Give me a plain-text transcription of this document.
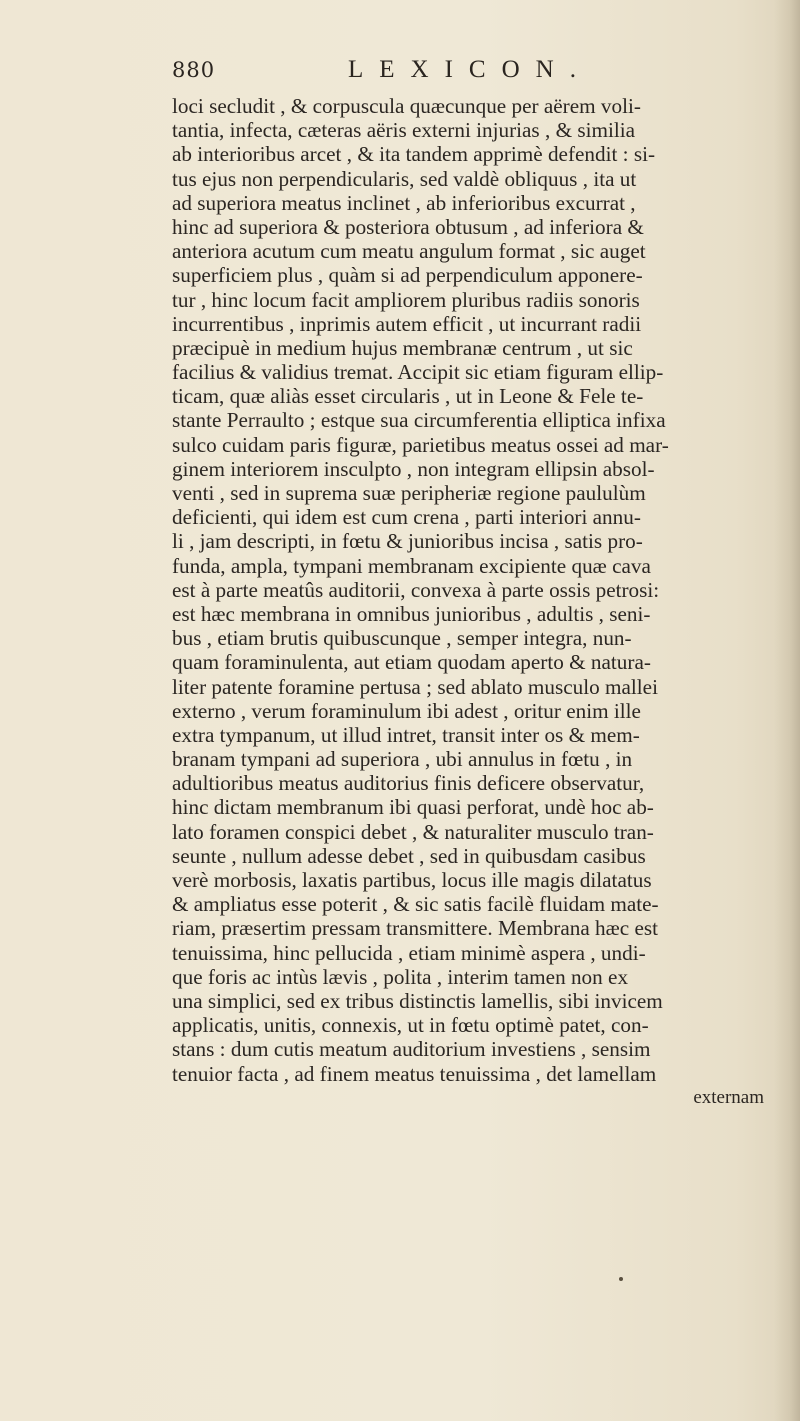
880	LEXICON.
loci secludit , & corpuscula quæcunque per aërem voli-
tantia, infecta, cæteras aëris externi injurias , & similia
ab interioribus arcet , & ita tandem apprimè defendit : si-
tus ejus non perpendicularis, sed valdè obliquus , ita ut
ad superiora meatus inclinet , ab inferioribus excurrat ,
hinc ad superiora & posteriora obtusum , ad inferiora &
anteriora acutum cum meatu angulum format , sic auget
superficiem plus , quàm si ad perpendiculum apponere-
tur , hinc locum facit ampliorem pluribus radiis sonoris
incurrentibus , inprimis autem efficit , ut incurrant radii
præcipuè in medium hujus membranæ centrum , ut sic
facilius & validius tremat. Accipit sic etiam figuram ellip-
ticam, quæ aliàs esset circularis , ut in Leone & Fele te-
stante Perraulto ; estque sua circumferentia elliptica infixa
sulco cuidam paris figuræ, parietibus meatus ossei ad mar-
ginem interiorem insculpto , non integram ellipsin absol-
venti , sed in suprema suæ peripheriæ regione paululùm
deficienti, qui idem est cum crena , parti interiori annu-
li , jam descripti, in fœtu & junioribus incisa , satis pro-
funda, ampla, tympani membranam excipiente quæ cava
est à parte meatûs auditorii, convexa à parte ossis petrosi:
est hæc membrana in omnibus junioribus , adultis , seni-
bus , etiam brutis quibuscunque , semper integra, nun-
quam foraminulenta, aut etiam quodam aperto & natura-
liter patente foramine pertusa ; sed ablato musculo mallei
externo , verum foraminulum ibi adest , oritur enim ille
extra tympanum, ut illud intret, transit inter os & mem-
branam tympani ad superiora , ubi annulus in fœtu , in
adultioribus meatus auditorius finis deficere observatur,
hinc dictam membranum ibi quasi perforat, undè hoc ab-
lato foramen conspici debet , & naturaliter musculo tran-
seunte , nullum adesse debet , sed in quibusdam casibus
verè morbosis, laxatis partibus, locus ille magis dilatatus
& ampliatus esse poterit , & sic satis facilè fluidam mate-
riam, præsertim pressam transmittere. Membrana hæc est
tenuissima, hinc pellucida , etiam minimè aspera , undi-
que foris ac intùs lævis , polita , interim tamen non ex
una simplici, sed ex tribus distinctis lamellis, sibi invicem
applicatis, unitis, connexis, ut in fœtu optimè patet, con-
stans : dum cutis meatum auditorium investiens , sensim
tenuior facta , ad finem meatus tenuissima , det lamellam
externam
